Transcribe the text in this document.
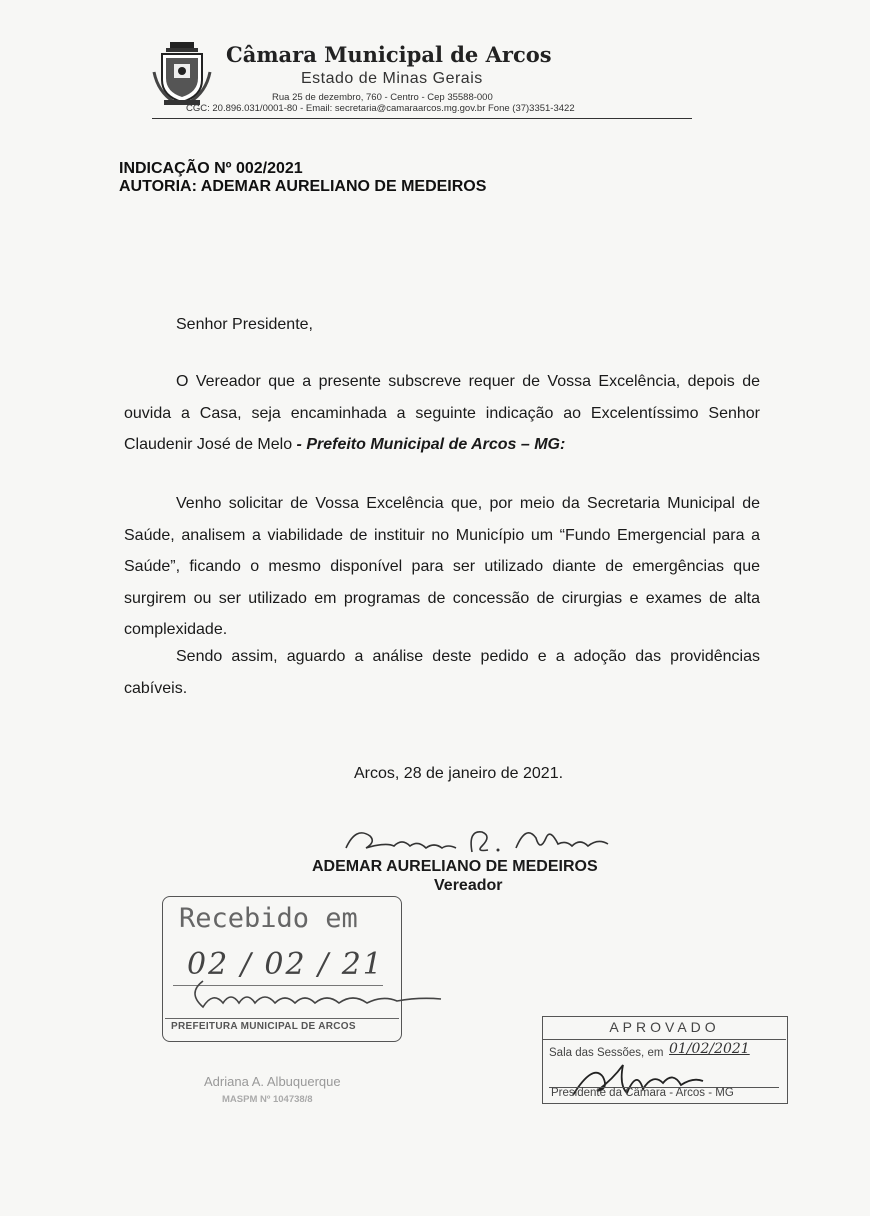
Câmara Municipal de Arcos
Estado de Minas Gerais
Rua 25 de dezembro, 760 - Centro - Cep 35588-000
CGC: 20.896.031/0001-80 - Email: secretaria@camaraarcos.mg.gov.br Fone (37)3351-3422
INDICAÇÃO Nº 002/2021
AUTORIA: ADEMAR AURELIANO DE MEDEIROS
Senhor Presidente,

O Vereador que a presente subscreve requer de Vossa Excelência, depois de ouvida a Casa, seja encaminhada a seguinte indicação ao Excelentíssimo Senhor Claudenir José de Melo - Prefeito Municipal de Arcos – MG:

Venho solicitar de Vossa Excelência que, por meio da Secretaria Municipal de Saúde, analisem a viabilidade de instituir no Município um “Fundo Emergencial para a Saúde”, ficando o mesmo disponível para ser utilizado diante de emergências que surgirem ou ser utilizado em programas de concessão de cirurgias e exames de alta complexidade.

Sendo assim, aguardo a análise deste pedido e a adoção das providências cabíveis.

Arcos, 28 de janeiro de 2021.
ADEMAR AURELIANO DE MEDEIROS
Vereador
Recebido em
02 / 02 / 21
PREFEITURA MUNICIPAL DE ARCOS
Adriana A. Albuquerque
MASPM Nº 104738/8
APROVADO
Sala das Sessões, em 01/02/2021
Presidente da Câmara - Arcos - MG
